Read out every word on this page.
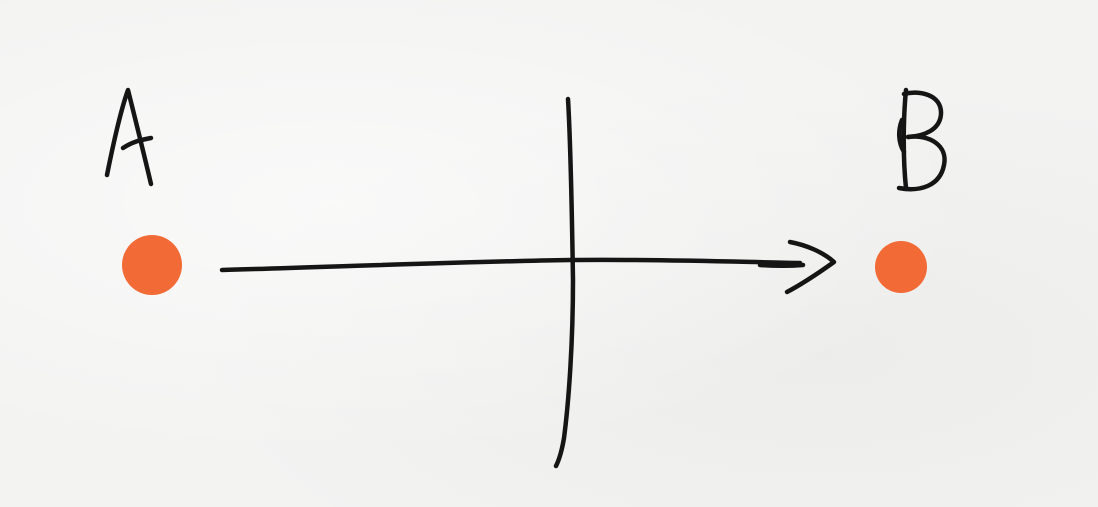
A	B
